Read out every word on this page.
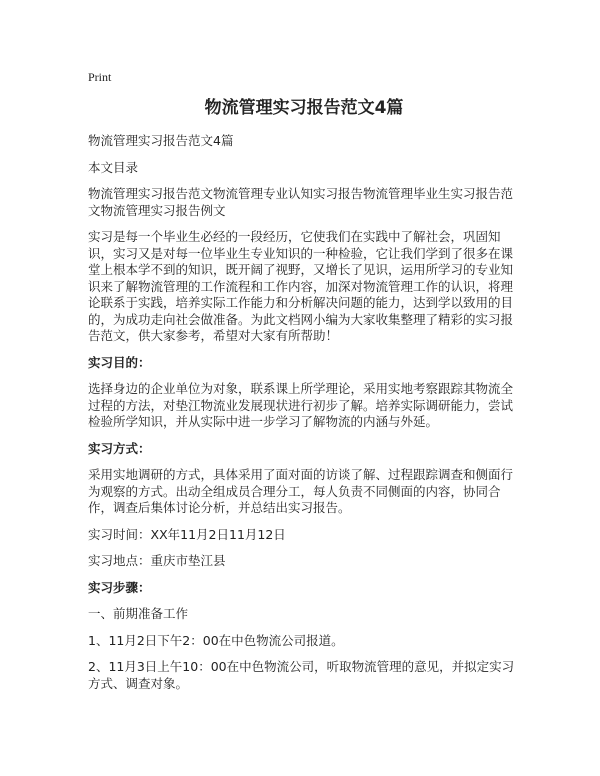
Print
物流管理实习报告范文4篇

物流管理实习报告范文4篇

本文目录

物流管理实习报告范文物流管理专业认知实习报告物流管理毕业生实习报告范文物流管理实习报告例文

实习是每一个毕业生必经的一段经历，它使我们在实践中了解社会，巩固知识，实习又是对每一位毕业生专业知识的一种检验，它让我们学到了很多在课堂上根本学不到的知识，既开阔了视野，又增长了见识，运用所学习的专业知识来了解物流管理的工作流程和工作内容，加深对物流管理工作的认识，将理论联系于实践，培养实际工作能力和分析解决问题的能力，达到学以致用的目的，为成功走向社会做准备。为此文档网小编为大家收集整理了精彩的实习报告范文，供大家参考，希望对大家有所帮助！

实习目的：

选择身边的企业单位为对象，联系课上所学理论，采用实地考察跟踪其物流全过程的方法，对垫江物流业发展现状进行初步了解。培养实际调研能力，尝试检验所学知识，并从实际中进一步学习了解物流的内涵与外延。

实习方式：

采用实地调研的方式，具体采用了面对面的访谈了解、过程跟踪调查和侧面行为观察的方式。出动全组成员合理分工，每人负责不同侧面的内容，协同合作，调查后集体讨论分析，并总结出实习报告。

实习时间：XX年11月2日11月12日

实习地点：重庆市垫江县

实习步骤：

一、前期准备工作

1、11月2日下午2：00在中色物流公司报道。

2、11月3日上午10：00在中色物流公司，听取物流管理的意见，并拟定实习方式、调查对象。
